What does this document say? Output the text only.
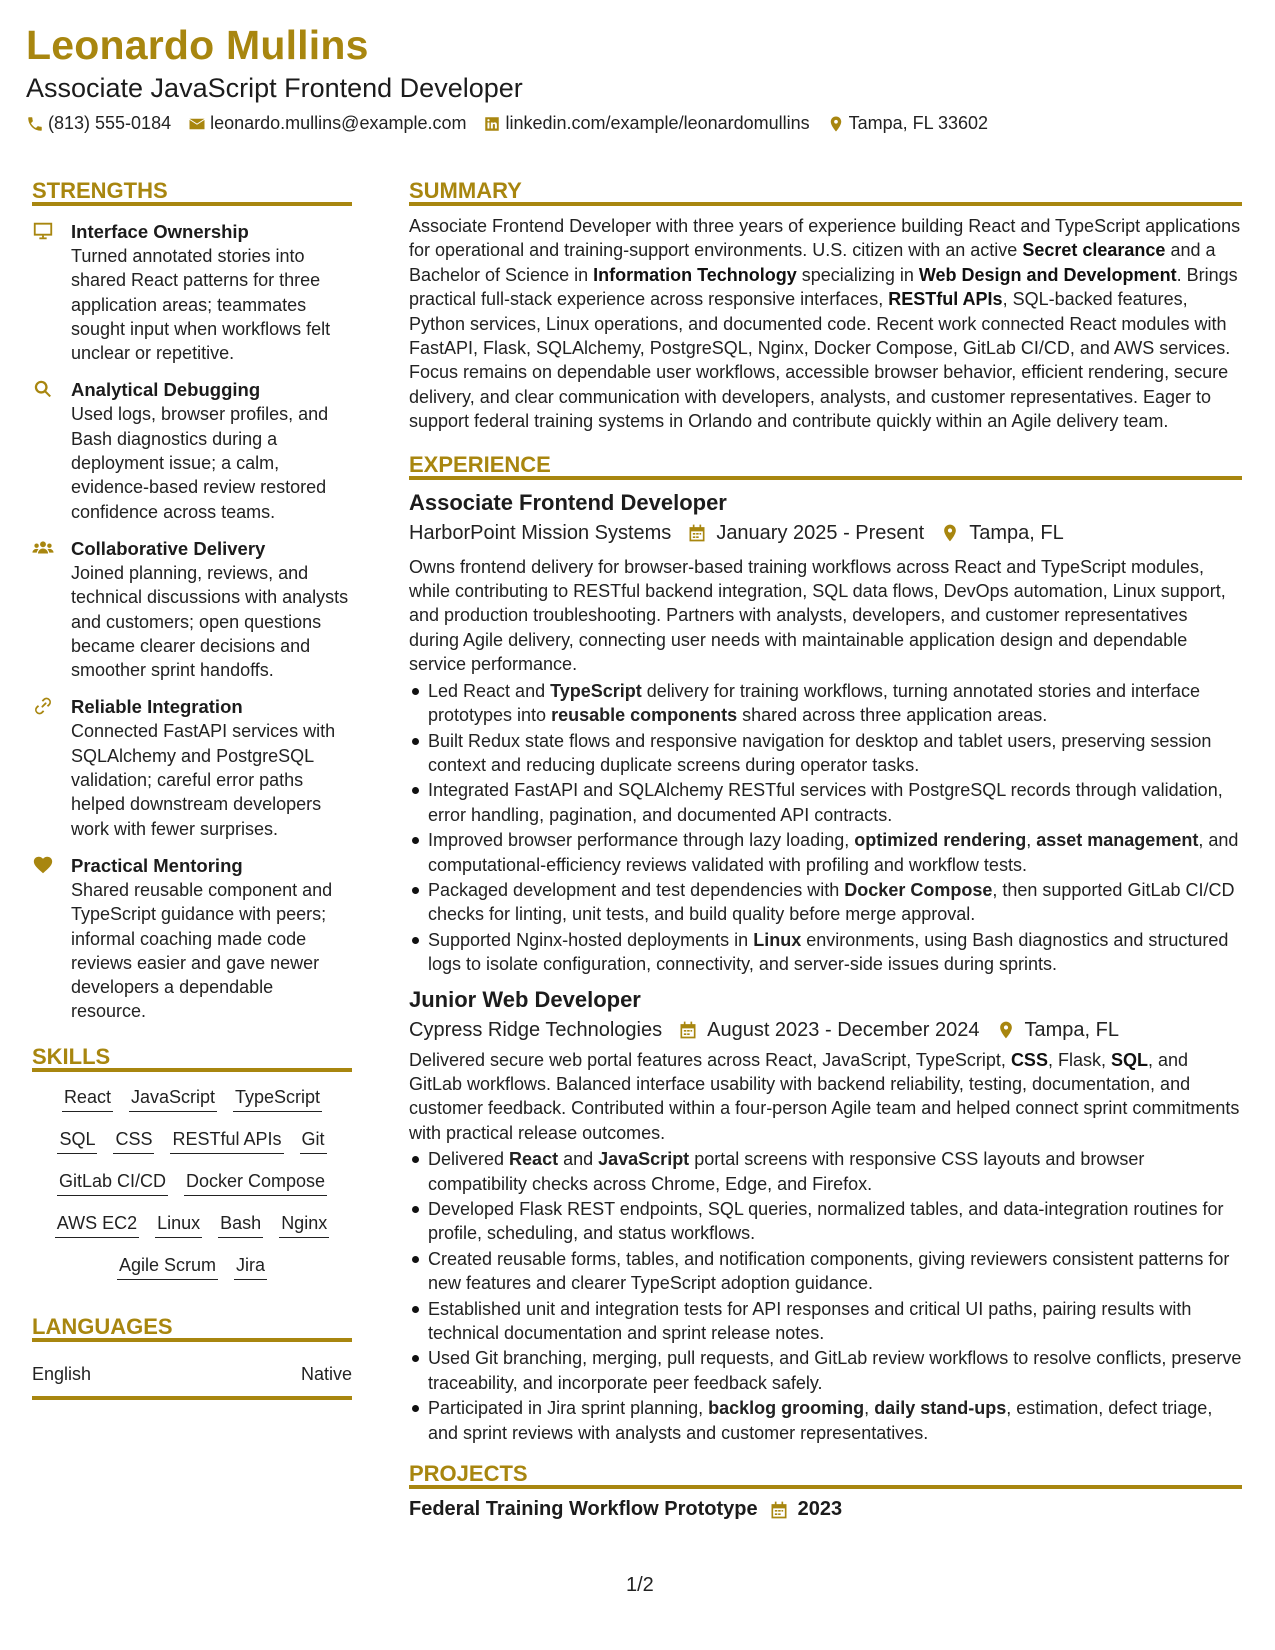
Leonardo Mullins
Associate JavaScript Frontend Developer
(813) 555-0184 leonardo.mullins@example.com linkedin.com/example/leonardomullins Tampa, FL 33602
STRENGTHS
Interface Ownership
Turned annotated stories into shared React patterns for three application areas; teammates sought input when workflows felt unclear or repetitive.
Analytical Debugging
Used logs, browser profiles, and Bash diagnostics during a deployment issue; a calm, evidence-based review restored confidence across teams.
Collaborative Delivery
Joined planning, reviews, and technical discussions with analysts and customers; open questions became clearer decisions and smoother sprint handoffs.
Reliable Integration
Connected FastAPI services with SQLAlchemy and PostgreSQL validation; careful error paths helped downstream developers work with fewer surprises.
Practical Mentoring
Shared reusable component and TypeScript guidance with peers; informal coaching made code reviews easier and gave newer developers a dependable resource.
SKILLS
React JavaScript TypeScript
SQL CSS RESTful APIs Git
GitLab CI/CD Docker Compose
AWS EC2 Linux Bash Nginx
Agile Scrum Jira
LANGUAGES
English	Native
SUMMARY
Associate Frontend Developer with three years of experience building React and TypeScript applications for operational and training-support environments. U.S. citizen with an active Secret clearance and a Bachelor of Science in Information Technology specializing in Web Design and Development. Brings practical full-stack experience across responsive interfaces, RESTful APIs, SQL-backed features, Python services, Linux operations, and documented code. Recent work connected React modules with FastAPI, Flask, SQLAlchemy, PostgreSQL, Nginx, Docker Compose, GitLab CI/CD, and AWS services. Focus remains on dependable user workflows, accessible browser behavior, efficient rendering, secure delivery, and clear communication with developers, analysts, and customer representatives. Eager to support federal training systems in Orlando and contribute quickly within an Agile delivery team.
EXPERIENCE
Associate Frontend Developer
HarborPoint Mission Systems January 2025 - Present Tampa, FL
Owns frontend delivery for browser-based training workflows across React and TypeScript modules, while contributing to RESTful backend integration, SQL data flows, DevOps automation, Linux support, and production troubleshooting. Partners with analysts, developers, and customer representatives during Agile delivery, connecting user needs with maintainable application design and dependable service performance.
Led React and TypeScript delivery for training workflows, turning annotated stories and interface prototypes into reusable components shared across three application areas.
Built Redux state flows and responsive navigation for desktop and tablet users, preserving session context and reducing duplicate screens during operator tasks.
Integrated FastAPI and SQLAlchemy RESTful services with PostgreSQL records through validation, error handling, pagination, and documented API contracts.
Improved browser performance through lazy loading, optimized rendering, asset management, and computational-efficiency reviews validated with profiling and workflow tests.
Packaged development and test dependencies with Docker Compose, then supported GitLab CI/CD checks for linting, unit tests, and build quality before merge approval.
Supported Nginx-hosted deployments in Linux environments, using Bash diagnostics and structured logs to isolate configuration, connectivity, and server-side issues during sprints.
Junior Web Developer
Cypress Ridge Technologies August 2023 - December 2024 Tampa, FL
Delivered secure web portal features across React, JavaScript, TypeScript, CSS, Flask, SQL, and GitLab workflows. Balanced interface usability with backend reliability, testing, documentation, and customer feedback. Contributed within a four-person Agile team and helped connect sprint commitments with practical release outcomes.
Delivered React and JavaScript portal screens with responsive CSS layouts and browser compatibility checks across Chrome, Edge, and Firefox.
Developed Flask REST endpoints, SQL queries, normalized tables, and data-integration routines for profile, scheduling, and status workflows.
Created reusable forms, tables, and notification components, giving reviewers consistent patterns for new features and clearer TypeScript adoption guidance.
Established unit and integration tests for API responses and critical UI paths, pairing results with technical documentation and sprint release notes.
Used Git branching, merging, pull requests, and GitLab review workflows to resolve conflicts, preserve traceability, and incorporate peer feedback safely.
Participated in Jira sprint planning, backlog grooming, daily stand-ups, estimation, defect triage, and sprint reviews with analysts and customer representatives.
PROJECTS
Federal Training Workflow Prototype 2023
1/2
